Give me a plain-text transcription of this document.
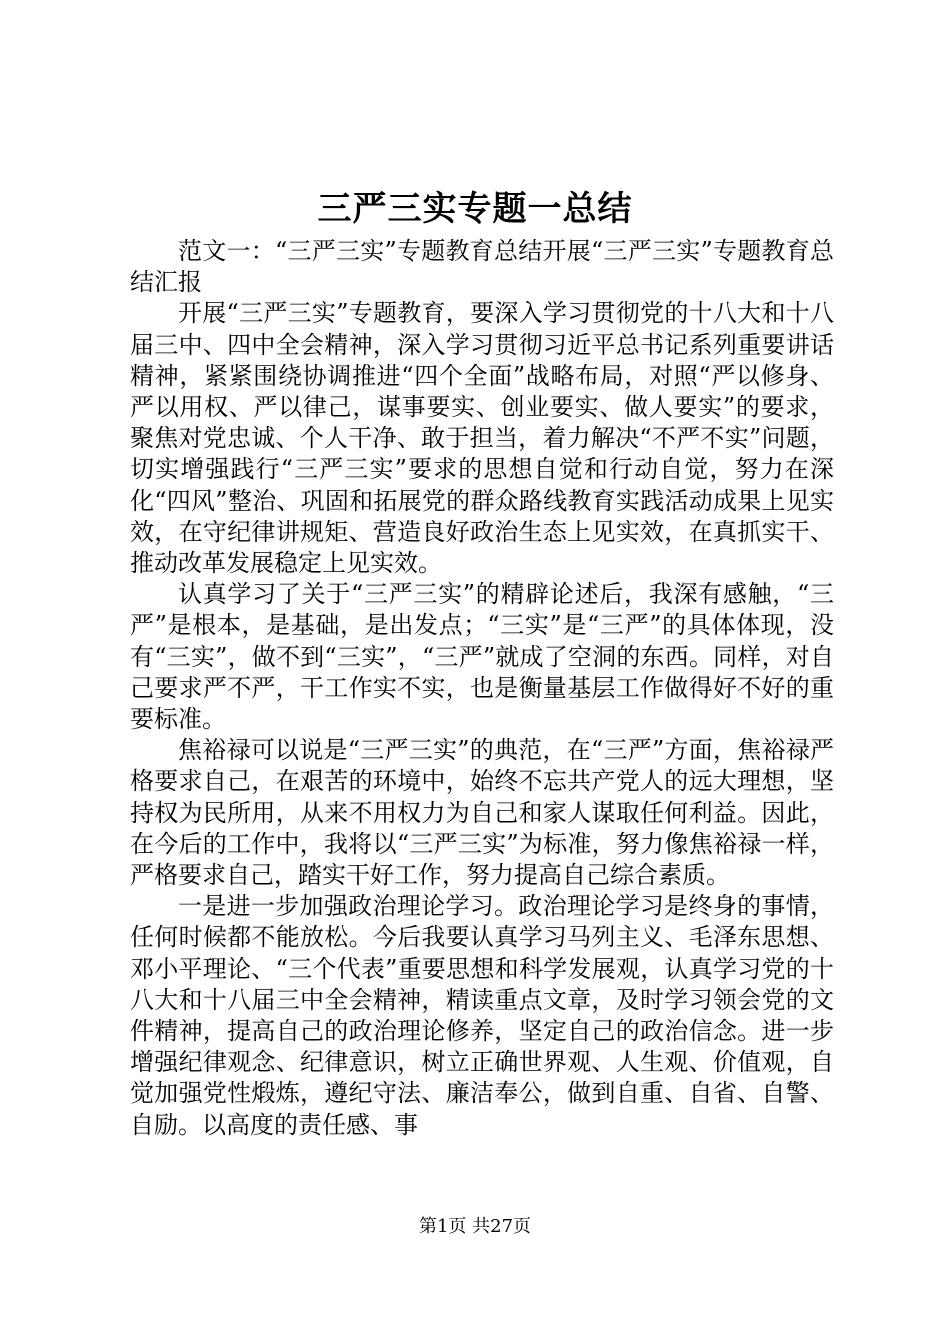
三严三实专题一总结

范文一：“三严三实”专题教育总结开展“三严三实”专题教育总结汇报

开展“三严三实”专题教育，要深入学习贯彻党的十八大和十八届三中、四中全会精神，深入学习贯彻习近平总书记系列重要讲话精神，紧紧围绕协调推进“四个全面”战略布局，对照“严以修身、严以用权、严以律己，谋事要实、创业要实、做人要实”的要求，聚焦对党忠诚、个人干净、敢于担当，着力解决“不严不实”问题，切实增强践行“三严三实”要求的思想自觉和行动自觉，努力在深化“四风”整治、巩固和拓展党的群众路线教育实践活动成果上见实效，在守纪律讲规矩、营造良好政治生态上见实效，在真抓实干、推动改革发展稳定上见实效。

认真学习了关于“三严三实”的精辟论述后，我深有感触，“三严”是根本，是基础，是出发点；“三实”是“三严”的具体体现，没有“三实”，做不到“三实”，“三严”就成了空洞的东西。同样，对自己要求严不严，干工作实不实，也是衡量基层工作做得好不好的重要标准。

焦裕禄可以说是“三严三实”的典范，在“三严”方面，焦裕禄严格要求自己，在艰苦的环境中，始终不忘共产党人的远大理想，坚持权为民所用，从来不用权力为自己和家人谋取任何利益。因此，在今后的工作中，我将以“三严三实”为标准，努力像焦裕禄一样，严格要求自己，踏实干好工作，努力提高自己综合素质。

一是进一步加强政治理论学习。政治理论学习是终身的事情，任何时候都不能放松。今后我要认真学习马列主义、毛泽东思想、邓小平理论、“三个代表”重要思想和科学发展观，认真学习党的十八大和十八届三中全会精神，精读重点文章，及时学习领会党的文件精神，提高自己的政治理论修养，坚定自己的政治信念。进一步增强纪律观念、纪律意识，树立正确世界观、人生观、价值观，自觉加强党性煅炼，遵纪守法、廉洁奉公，做到自重、自省、自警、自励。以高度的责任感、事

第1页 共27页
